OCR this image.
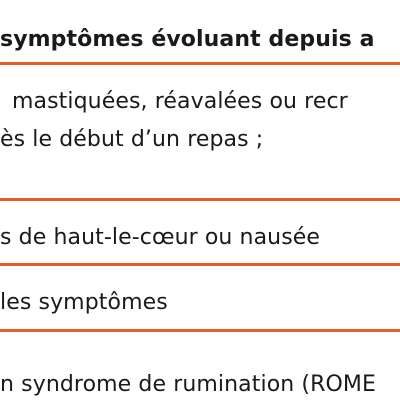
symptômes évoluant depuis a
mastiquées, réavalées ou recr
ès le début d’un repas ;
s de haut-le-cœur ou nausée
les symptômes
n syndrome de rumination (ROME
